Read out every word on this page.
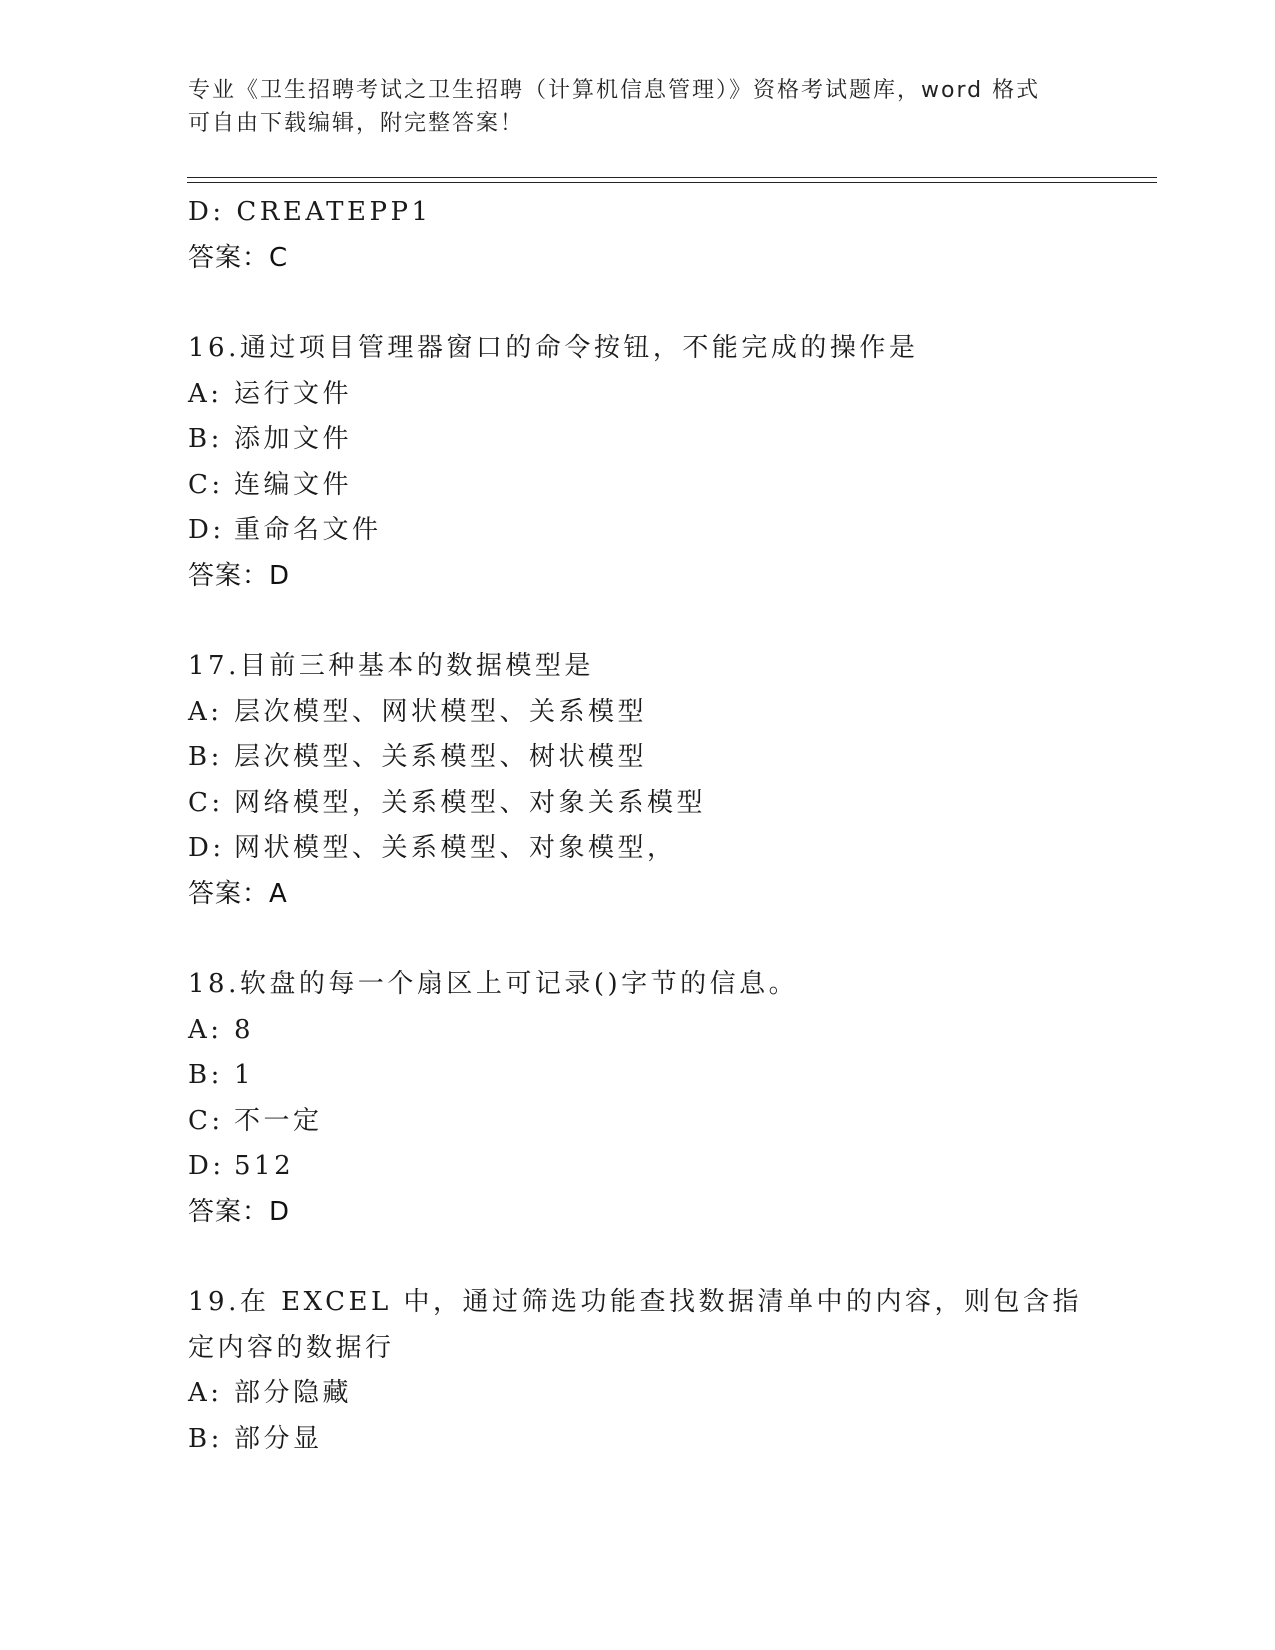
专业《卫生招聘考试之卫生招聘（计算机信息管理）》资格考试题库，word 格式
可自由下载编辑，附完整答案！
D: CREATEPP1
答案：C
16.通过项目管理器窗口的命令按钮，不能完成的操作是
A: 运行文件
B: 添加文件
C: 连编文件
D: 重命名文件
答案：D
17.目前三种基本的数据模型是
A: 层次模型、网状模型、关系模型
B: 层次模型、关系模型、树状模型
C: 网络模型，关系模型、对象关系模型
D: 网状模型、关系模型、对象模型，
答案：A
18.软盘的每一个扇区上可记录()字节的信息。
A: 8
B: 1
C: 不一定
D: 512
答案：D
19.在 EXCEL 中，通过筛选功能查找数据清单中的内容，则包含指定内容的数据行
A: 部分隐藏
B: 部分显
